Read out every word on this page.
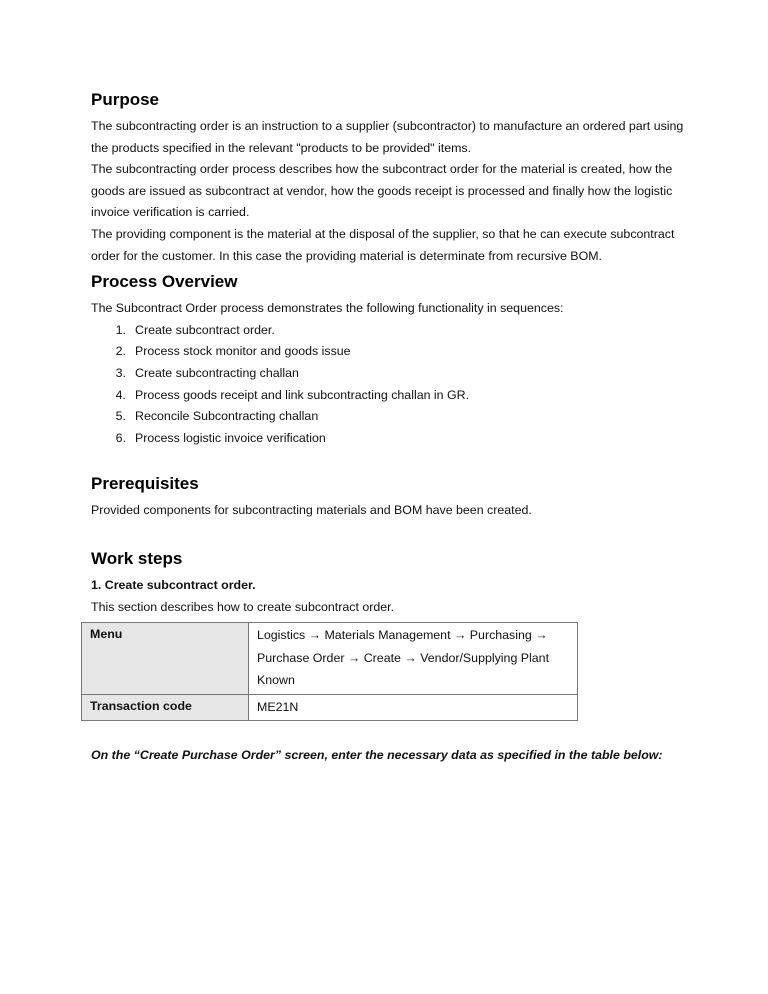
Purpose

The subcontracting order is an instruction to a supplier (subcontractor) to manufacture an ordered part using the products specified in the relevant "products to be provided" items.

The subcontracting order process describes how the subcontract order for the material is created, how the goods are issued as subcontract at vendor, how the goods receipt is processed and finally how the logistic invoice verification is carried.

The providing component is the material at the disposal of the supplier, so that he can execute subcontract order for the customer. In this case the providing material is determinate from recursive BOM.

Process Overview

The Subcontract Order process demonstrates the following functionality in sequences:

1. Create subcontract order.
2. Process stock monitor and goods issue
3. Create subcontracting challan
4. Process goods receipt and link subcontracting challan in GR.
5. Reconcile Subcontracting challan
6. Process logistic invoice verification
Prerequisites

Provided components for subcontracting materials and BOM have been created.

Work steps
1. Create subcontract order.

This section describes how to create subcontract order.

Menu	Logistics → Materials Management → Purchasing →
Purchase Order → Create → Vendor/Supplying Plant
Known

Transaction code	ME21N
On the “Create Purchase Order” screen, enter the necessary data as specified in the table below:
